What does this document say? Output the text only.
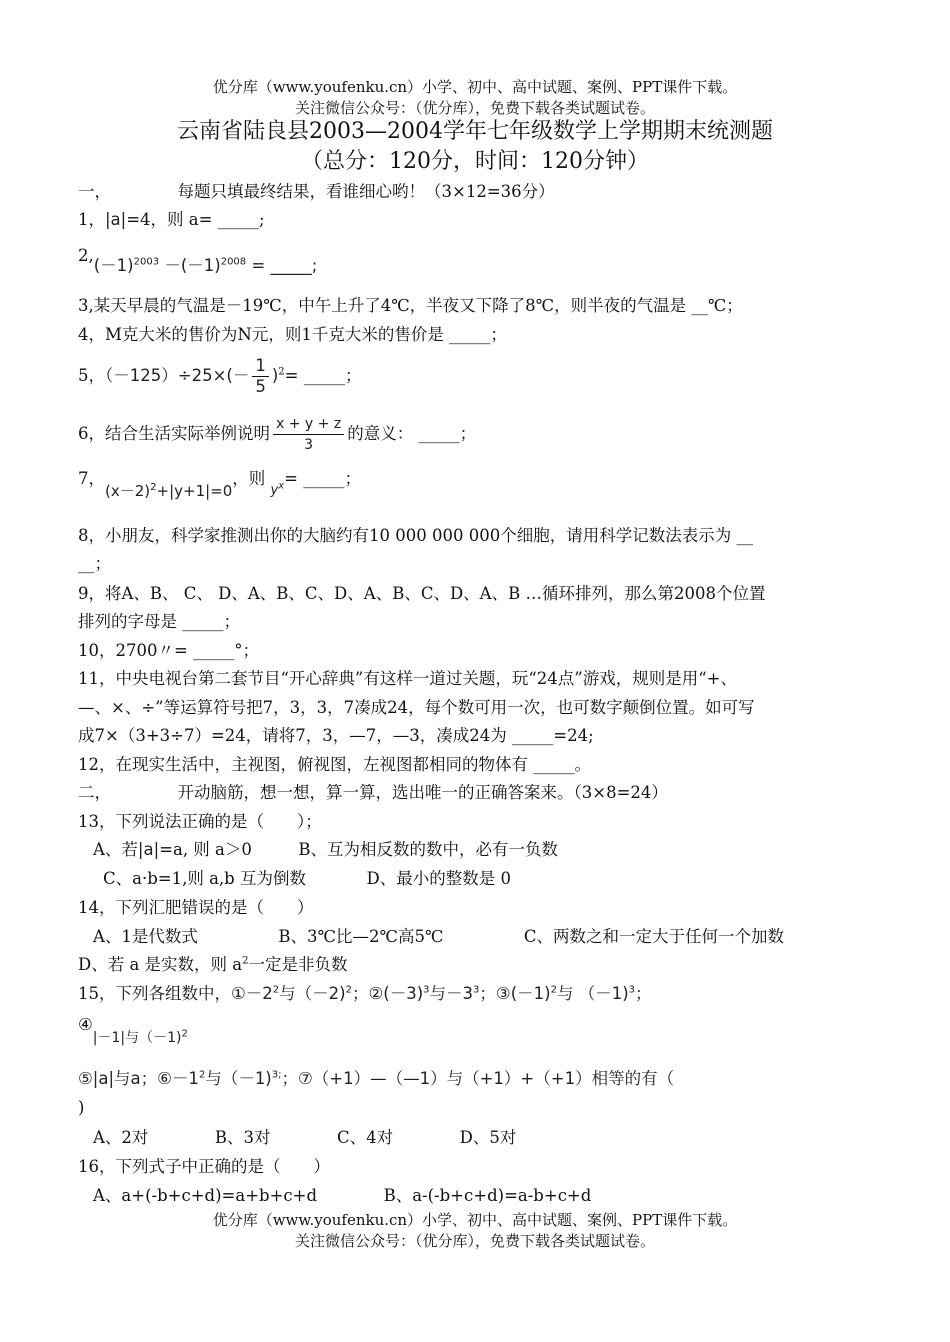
优分库（www.youfenku.cn）小学、初中、高中试题、案例、PPT课件下载。
关注微信公众号：（优分库），免费下载各类试题试卷。
云南省陆良县2003—2004学年七年级数学上学期期末统测题
（总分：120分，时间：120分钟）
一，	每题只填最终结果，看谁细心哟！（3×12=36分）
1，|a|=4，则 a= _____;
$2,(-1)^{2003} -(-1)^{2008}$ = _____;
3,某天早晨的气温是－19℃，中午上升了4℃，半夜又下降了8℃，则半夜的气温是 __℃；
4，M克大米的售价为N元，则1千克大米的售价是 _____；
5，$(-125)\div 25\times(- \frac{1}{5} )^2=$ _____；
6，结合生活实际举例说明 $\frac{x + y + z}{3}$ 的意义： _____；
7，$(x-2)^2+|y+1|=0$，则 $_{y^x}$= _____；
8，小朋友，科学家推测出你的大脑约有10 000 000 000个细胞，请用科学记数法表示为 __
__；
9，将A、B、 C、 D、A、B、C、D、A、B、C、D、A、B …循环排列，那么第2008个位置
排列的字母是 _____；
10，2700〃= _____°；
11，中央电视台第二套节目“开心辞典”有这样一道过关题，玩“24点”游戏，规则是用“+、
—、×、÷”等运算符号把7，3，3，7凑成24，每个数可用一次，也可数字颠倒位置。如可写
成7×（3+3÷7）=24，请将7，3，—7，—3，凑成24为 _____=24;
12，在现实生活中，主视图，俯视图，左视图都相同的物体有 _____。
二，	开动脑筋，想一想，算一算，选出唯一的正确答案来。（3×8=24）
13，下列说法正确的是（　　）；
A、若|a|=a, 则 a＞0	B、互为相反数的数中，必有一负数
C、a·b=1,则 a,b 互为倒数	D、最小的整数是 0
14，下列汇肥错误的是（　　）
A、1是代数式	B、3℃比—2℃高5℃	C、两数之和一定大于任何一个加数
D、若 a 是实数，则 $a^2$一定是非负数
15，下列各组数中，$①-2^2$与（－2)$^2$；$②(-3)^3$与$-3^3$；$③(-1)^2$与 （－1)$^3$；
$④_{|-1|与(-1)^2}$
⑤|a|与a；$⑥-1^2$与（－1)$^{3;}$；⑦（+1）—（—1）与（+1）+（+1）相等的有（
)
A、2对	B、3对	C、4对	D、5对
16，下列式子中正确的是（　　）
A、a+(-b+c+d)=a+b+c+d	B、a-(-b+c+d)=a-b+c+d
优分库（www.youfenku.cn）小学、初中、高中试题、案例、PPT课件下载。
关注微信公众号：（优分库），免费下载各类试题试卷。
